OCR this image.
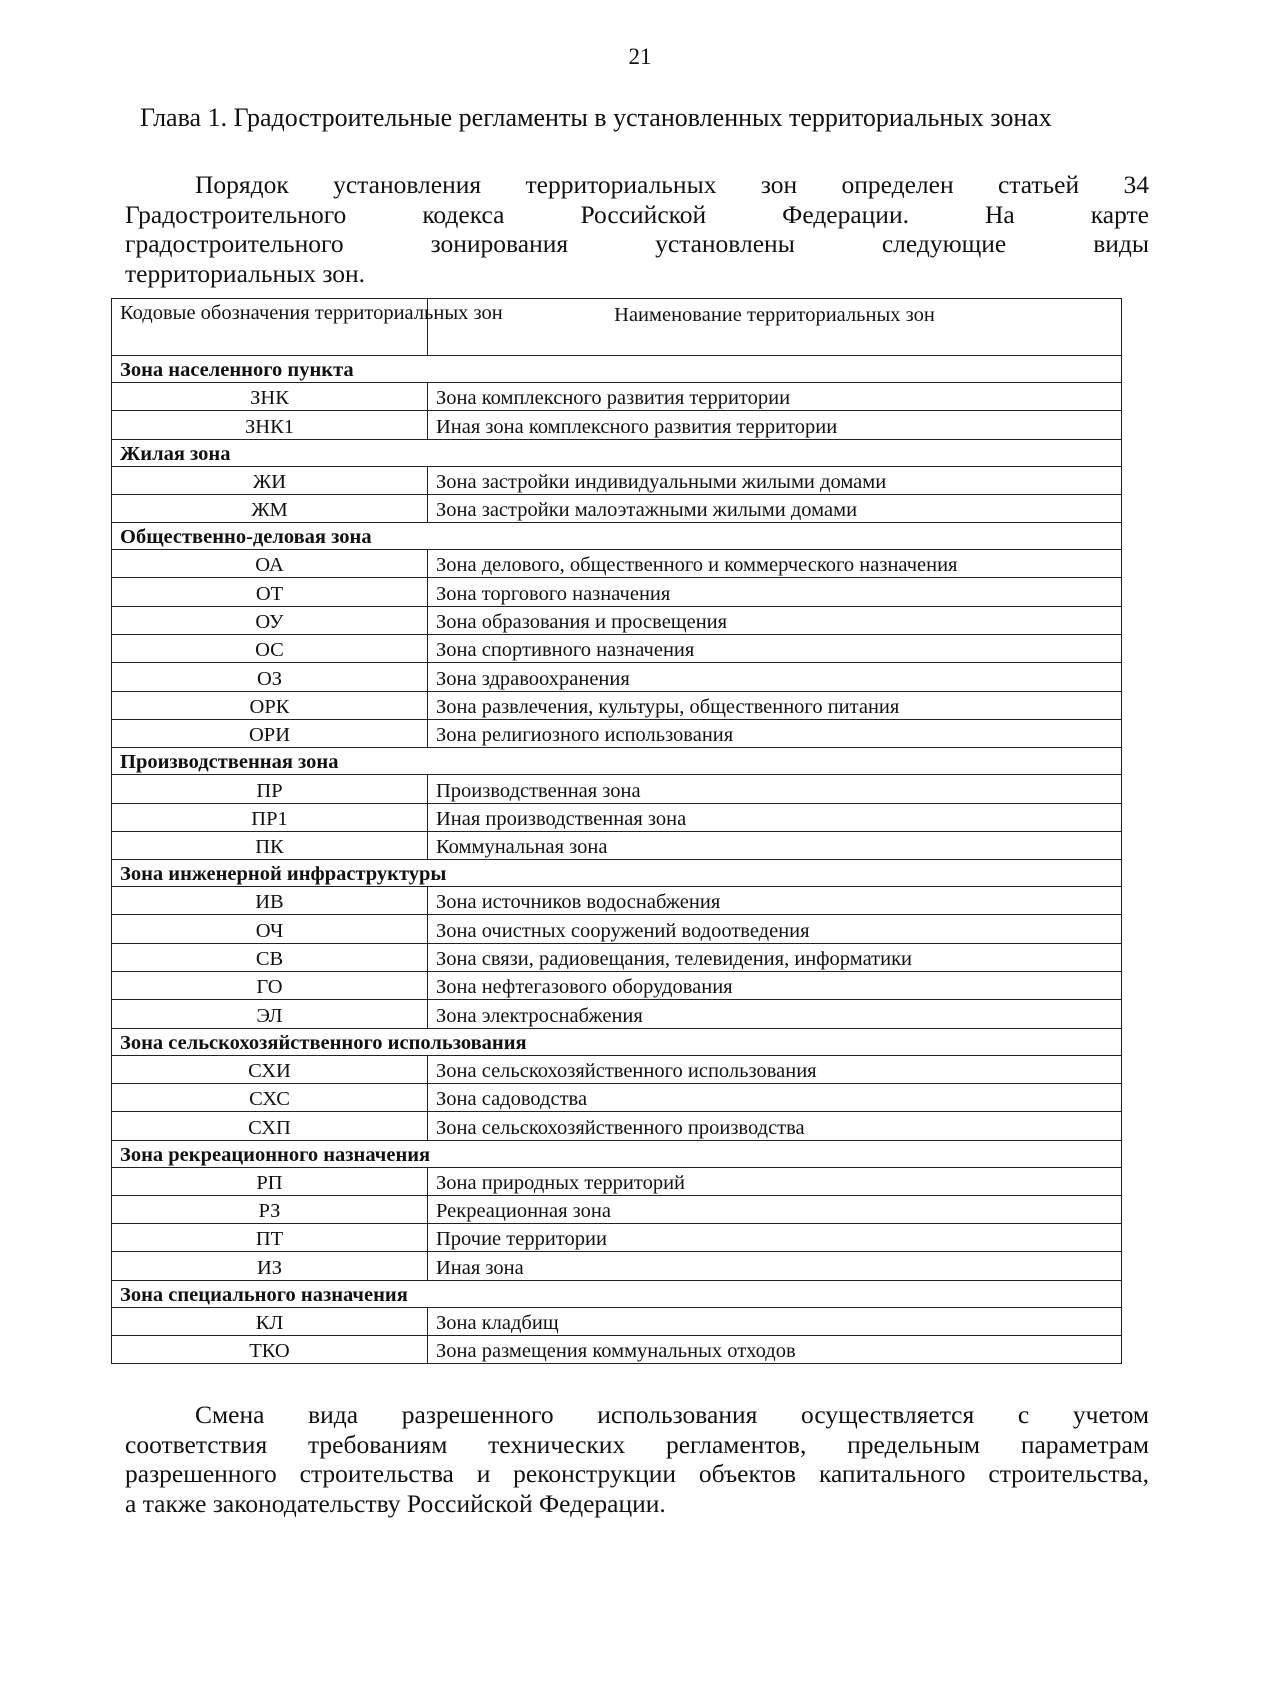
21
Глава 1. Градостроительные регламенты в установленных территориальных зонах
Порядок установления территориальных зон определен статьей 34
Градостроительного кодекса Российской Федерации. На карте
градостроительного зонирования установлены следующие виды
территориальных зон.
Кодовые обозначения территориальных зон	Наименование территориальных зон
Зона населенного пункта	
ЗНК	Зона комплексного развития территории
ЗНК1	Иная зона комплексного развития территории
Жилая зона	
ЖИ	Зона застройки индивидуальными жилыми домами
ЖМ	Зона застройки малоэтажными жилыми домами
Общественно-деловая зона	
ОА	Зона делового, общественного и коммерческого назначения
ОТ	Зона торгового назначения
ОУ	Зона образования и просвещения
ОС	Зона спортивного назначения
ОЗ	Зона здравоохранения
ОРК	Зона развлечения, культуры, общественного питания
ОРИ	Зона религиозного использования
Производственная зона	
ПР	Производственная зона
ПР1	Иная производственная зона
ПК	Коммунальная зона
Зона инженерной инфраструктуры	
ИВ	Зона источников водоснабжения
ОЧ	Зона очистных сооружений водоотведения
СВ	Зона связи, радиовещания, телевидения, информатики
ГО	Зона нефтегазового оборудования
ЭЛ	Зона электроснабжения
Зона сельскохозяйственного использования	
СХИ	Зона сельскохозяйственного использования
СХС	Зона садоводства
СХП	Зона сельскохозяйственного производства
Зона рекреационного назначения	
РП	Зона природных территорий
РЗ	Рекреационная зона
ПТ	Прочие территории
ИЗ	Иная зона
Зона специального назначения	
КЛ	Зона кладбищ
ТКО	Зона размещения коммунальных отходов
Смена вида разрешенного использования осуществляется с учетом
соответствия требованиям технических регламентов, предельным параметрам
разрешенного строительства и реконструкции объектов капитального строительства,
а также законодательству Российской Федерации.
